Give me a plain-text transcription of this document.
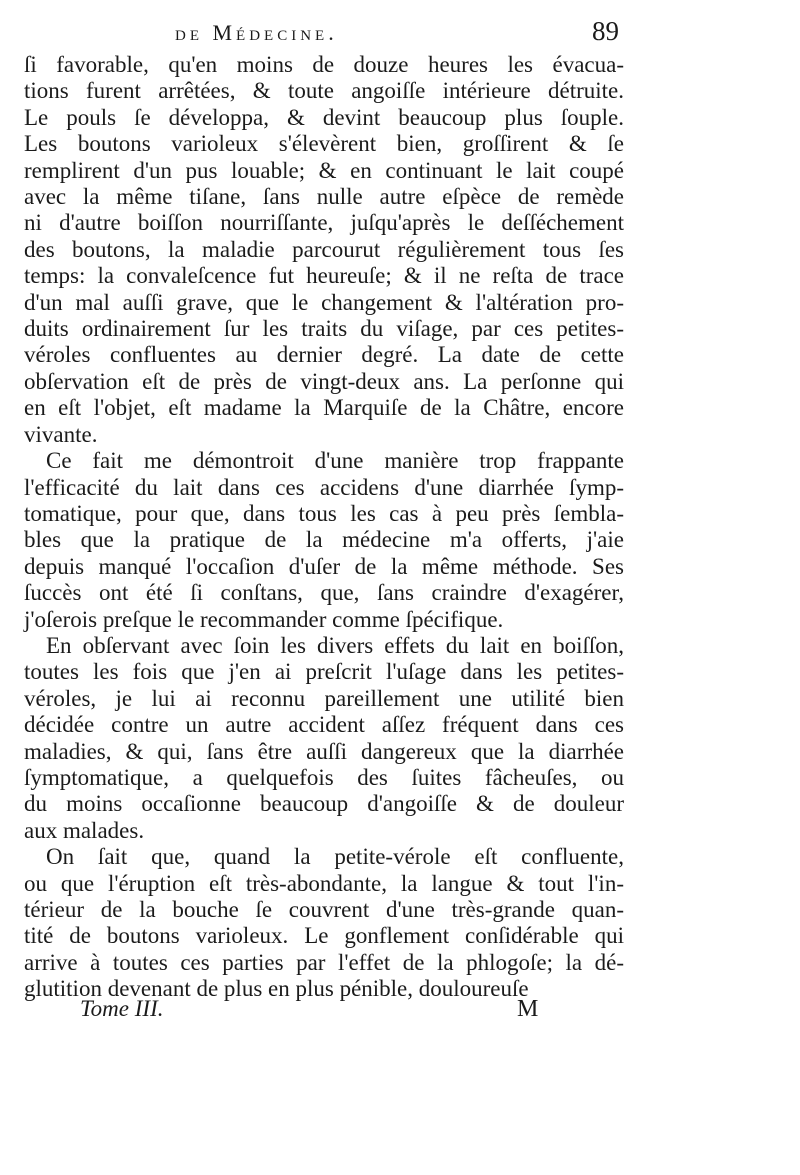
de Médecine.	89
ſi favorable, qu'en moins de douze heures les évacua-
tions furent arrêtées, & toute angoiſſe intérieure détruite.
Le pouls ſe développa, & devint beaucoup plus ſouple.
Les boutons varioleux s'élevèrent bien, groſſirent & ſe
remplirent d'un pus louable; & en continuant le lait coupé
avec la même tiſane, ſans nulle autre eſpèce de remède
ni d'autre boiſſon nourriſſante, juſqu'après le deſſéchement
des boutons, la maladie parcourut régulièrement tous ſes
temps: la convaleſcence fut heureuſe; & il ne reſta de trace
d'un mal auſſi grave, que le changement & l'altération pro-
duits ordinairement ſur les traits du viſage, par ces petites-
véroles confluentes au dernier degré. La date de cette
obſervation eſt de près de vingt-deux ans. La perſonne qui
en eſt l'objet, eſt madame la Marquiſe de la Châtre, encore
vivante.
Ce fait me démontroit d'une manière trop frappante
l'efficacité du lait dans ces accidens d'une diarrhée ſymp-
tomatique, pour que, dans tous les cas à peu près ſembla-
bles que la pratique de la médecine m'a offerts, j'aie
depuis manqué l'occaſion d'uſer de la même méthode. Ses
ſuccès ont été ſi conſtans, que, ſans craindre d'exagérer,
j'oſerois preſque le recommander comme ſpécifique.
En obſervant avec ſoin les divers effets du lait en boiſſon,
toutes les fois que j'en ai preſcrit l'uſage dans les petites-
véroles, je lui ai reconnu pareillement une utilité bien
décidée contre un autre accident aſſez fréquent dans ces
maladies, & qui, ſans être auſſi dangereux que la diarrhée
ſymptomatique, a quelquefois des ſuites fâcheuſes, ou
du moins occaſionne beaucoup d'angoiſſe & de douleur
aux malades.
On ſait que, quand la petite-vérole eſt confluente,
ou que l'éruption eſt très-abondante, la langue & tout l'in-
térieur de la bouche ſe couvrent d'une très-grande quan-
tité de boutons varioleux. Le gonflement conſidérable qui
arrive à toutes ces parties par l'effet de la phlogoſe; la dé-
glutition devenant de plus en plus pénible, douloureuſe
Tome III.	M
